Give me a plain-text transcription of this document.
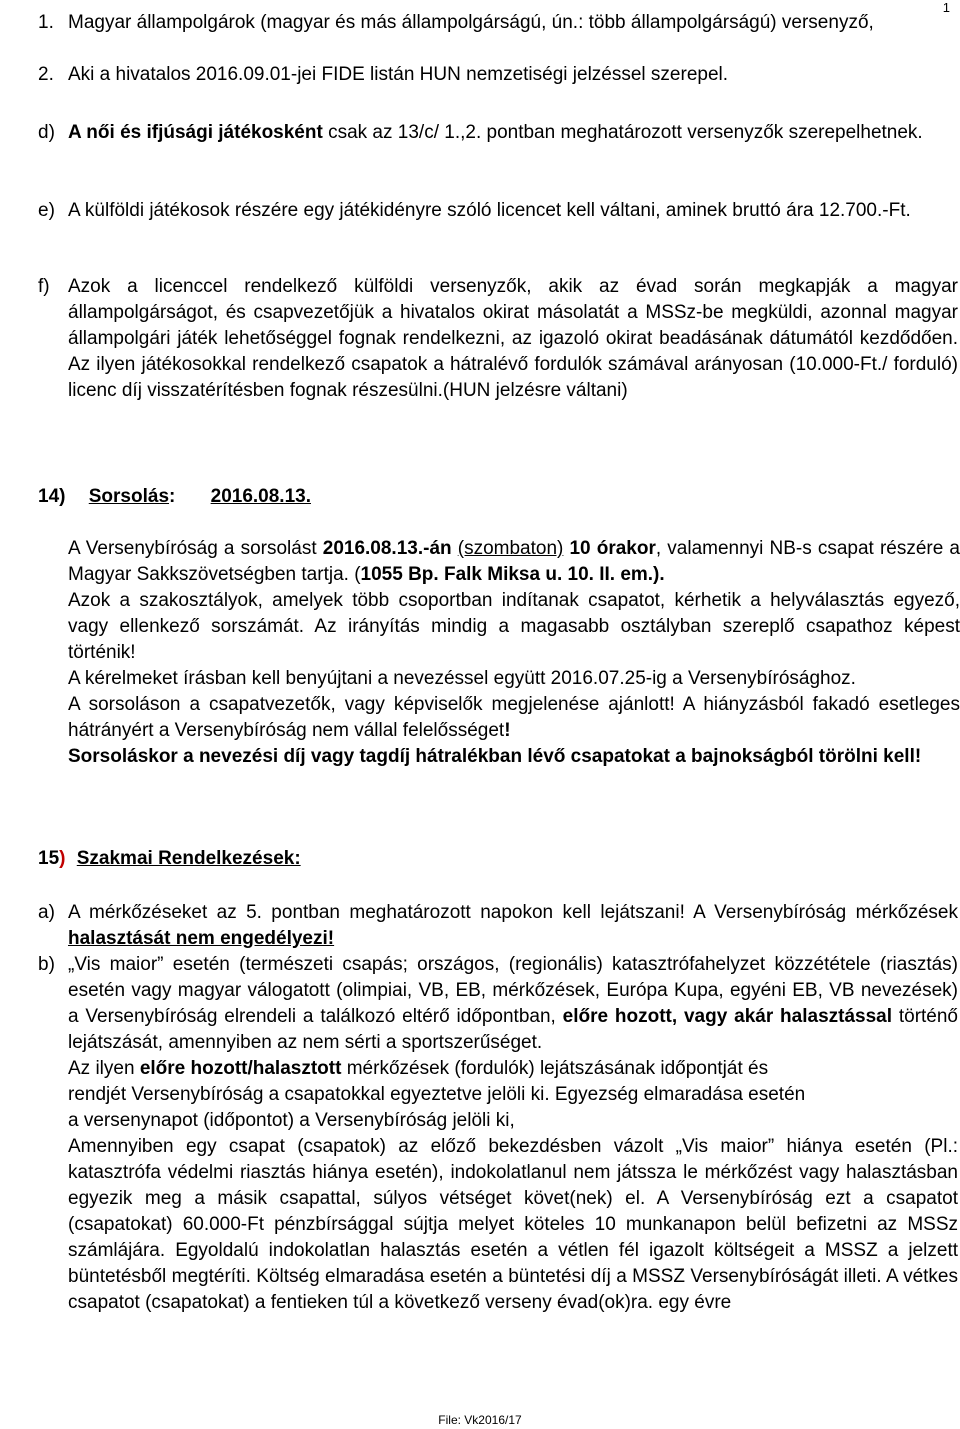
1
1. Magyar állampolgárok (magyar és más állampolgárságú, ún.: több állampolgárságú) versenyző,
2. Aki a hivatalos 2016.09.01-jei FIDE listán HUN nemzetiségi jelzéssel szerepel.
d) A női és ifjúsági játékosként csak az 13/c/ 1.,2. pontban meghatározott versenyzők szerepelhetnek.
e) A külföldi játékosok részére egy játékidényre szóló licencet kell váltani, aminek bruttó ára 12.700.-Ft.
f) Azok a licenccel rendelkező külföldi versenyzők, akik az évad során megkapják a magyar állampolgárságot, és csapvezetőjük a hivatalos okirat másolatát a MSSz-be megküldi, azonnal magyar állampolgári játék lehetőséggel fognak rendelkezni, az igazoló okirat beadásának dátumától kezdődően. Az ilyen játékosokkal rendelkező csapatok a hátralévő fordulók számával arányosan (10.000-Ft./ forduló) licenc díj visszatérítésben fognak részesülni.(HUN jelzésre váltani)
14) Sorsolás: 2016.08.13.
A Versenybíróság a sorsolást 2016.08.13.-án (szombaton) 10 órakor, valamennyi NB-s csapat részére a Magyar Sakkszövetségben tartja. (1055 Bp. Falk Miksa u. 10. II. em.).
Azok a szakosztályok, amelyek több csoportban indítanak csapatot, kérhetik a helyválasztás egyező, vagy ellenkező sorszámát. Az irányítás mindig a magasabb osztályban szereplő csapathoz képest történik!
A kérelmeket írásban kell benyújtani a nevezéssel együtt 2016.07.25-ig a Versenybírósághoz.
A sorsoláson a csapatvezetők, vagy képviselők megjelenése ajánlott! A hiányzásból fakadó esetleges hátrányért a Versenybíróság nem vállal felelősséget!
Sorsoláskor a nevezési díj vagy tagdíj hátralékban lévő csapatokat a bajnokságból törölni kell!
15) Szakmai Rendelkezések:
a) A mérkőzéseket az 5. pontban meghatározott napokon kell lejátszani! A Versenybíróság mérkőzések halasztását nem engedélyezi!
b) „Vis maior” esetén (természeti csapás; országos, (regionális) katasztrófahelyzet közzététele (riasztás) esetén vagy magyar válogatott (olimpiai, VB, EB, mérkőzések, Európa Kupa, egyéni EB, VB nevezések) a Versenybíróság elrendeli a találkozó eltérő időpontban, előre hozott, vagy akár halasztással történő lejátszását, amennyiben az nem sérti a sportszerűséget.
Az ilyen előre hozott/halasztott mérkőzések (fordulók) lejátszásának időpontját és
rendjét Versenybíróság a csapatokkal egyeztetve jelöli ki. Egyezség elmaradása esetén
a versenynapot (időpontot) a Versenybíróság jelöli ki,
Amennyiben egy csapat (csapatok) az előző bekezdésben vázolt „Vis maior” hiánya esetén (Pl.: katasztrófa védelmi riasztás hiánya esetén), indokolatlanul nem játssza le mérkőzést vagy halasztásban egyezik meg a másik csapattal, súlyos vétséget követ(nek) el. A Versenybíróság ezt a csapatot (csapatokat) 60.000-Ft pénzbírsággal sújtja melyet köteles 10 munkanapon belül befizetni az MSSz számlájára. Egyoldalú indokolatlan halasztás esetén a vétlen fél igazolt költségeit a MSSZ a jelzett büntetésből megtéríti. Költség elmaradása esetén a büntetési díj a MSSZ Versenybíróságát illeti. A vétkes csapatot (csapatokat) a fentieken túl a következő verseny évad(ok)ra. egy évre
File: Vk2016/17
